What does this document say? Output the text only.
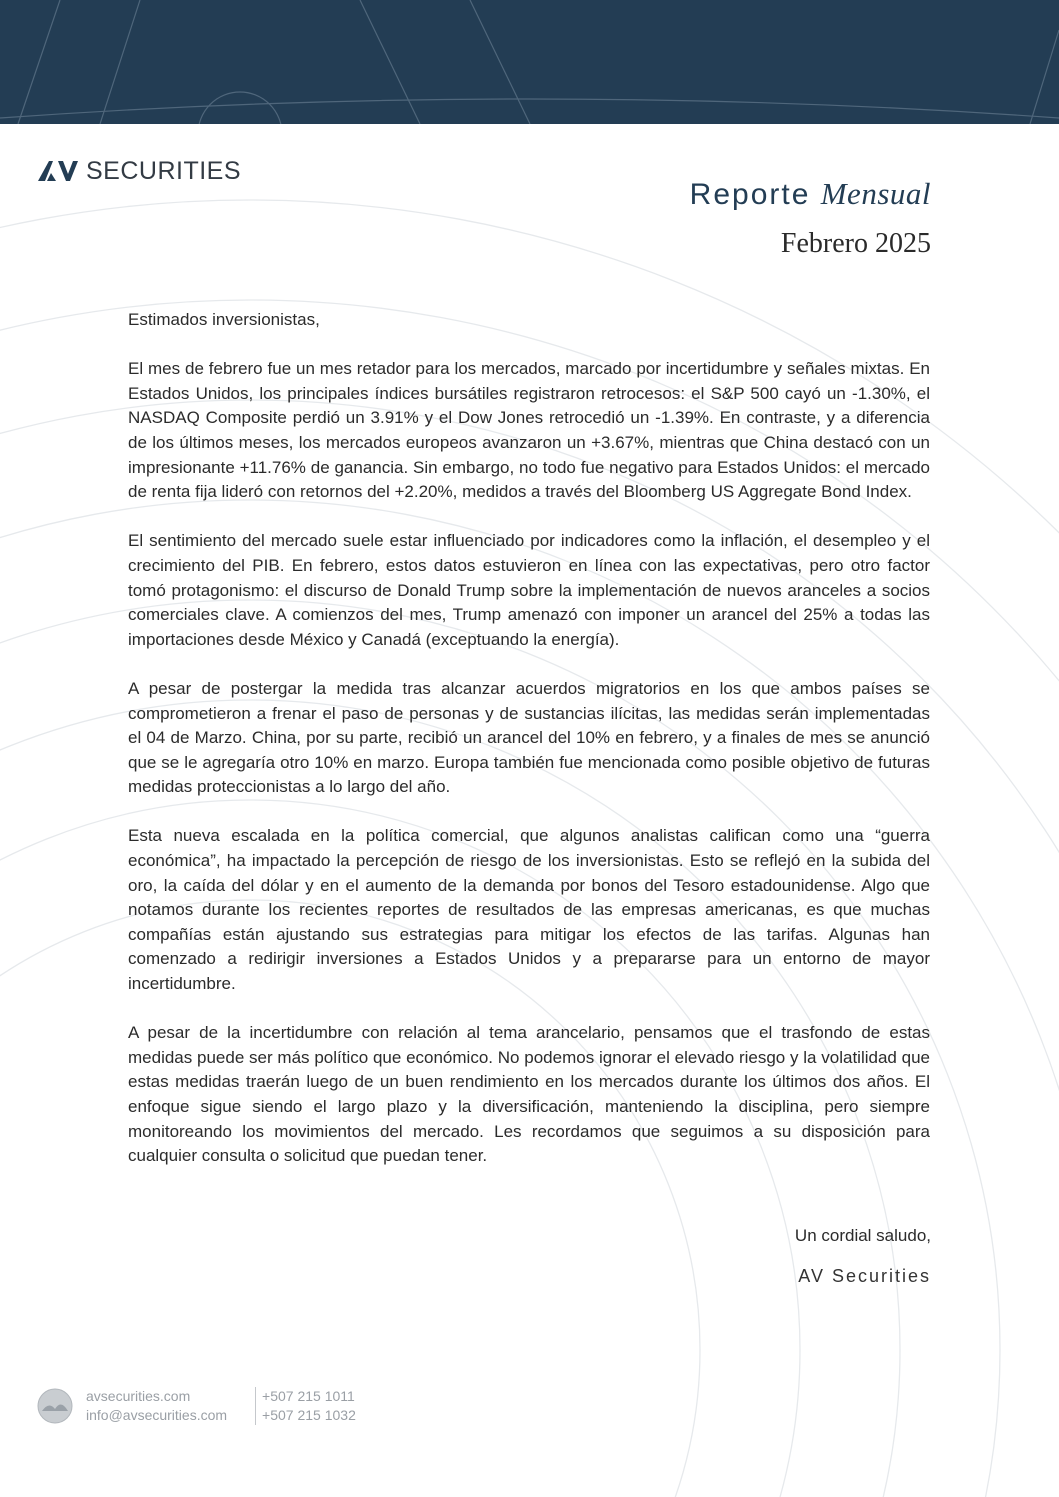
SECURITIES
Reporte Mensual
Febrero 2025

Estimados inversionistas,

El mes de febrero fue un mes retador para los mercados, marcado por incertidumbre y señales mixtas. En Estados Unidos, los principales índices bursátiles registraron retrocesos: el S&P 500 cayó un -1.30%, el NASDAQ Composite perdió un 3.91% y el Dow Jones retrocedió un -1.39%. En contraste, y a diferencia de los últimos meses, los mercados europeos avanzaron un +3.67%, mientras que China destacó con un impresionante +11.76% de ganancia. Sin embargo, no todo fue negativo para Estados Unidos: el mercado de renta fija lideró con retornos del +2.20%, medidos a través del Bloomberg US Aggregate Bond Index.

El sentimiento del mercado suele estar influenciado por indicadores como la inflación, el desempleo y el crecimiento del PIB. En febrero, estos datos estuvieron en línea con las expectativas, pero otro factor tomó protagonismo: el discurso de Donald Trump sobre la implementación de nuevos aranceles a socios comerciales clave. A comienzos del mes, Trump amenazó con imponer un arancel del 25% a todas las importaciones desde México y Canadá (exceptuando la energía).

A pesar de postergar la medida tras alcanzar acuerdos migratorios en los que ambos países se comprometieron a frenar el paso de personas y de sustancias ilícitas, las medidas serán implementadas el 04 de Marzo. China, por su parte, recibió un arancel del 10% en febrero, y a finales de mes se anunció que se le agregaría otro 10% en marzo. Europa también fue mencionada como posible objetivo de futuras medidas proteccionistas a lo largo del año.

Esta nueva escalada en la política comercial, que algunos analistas califican como una “guerra económica”, ha impactado la percepción de riesgo de los inversionistas. Esto se reflejó en la subida del oro, la caída del dólar y en el aumento de la demanda por bonos del Tesoro estadounidense. Algo que notamos durante los recientes reportes de resultados de las empresas americanas, es que muchas compañías están ajustando sus estrategias para mitigar los efectos de las tarifas. Algunas han comenzado a redirigir inversiones a Estados Unidos y a prepararse para un entorno de mayor incertidumbre.

A pesar de la incertidumbre con relación al tema arancelario, pensamos que el trasfondo de estas medidas puede ser más político que económico. No podemos ignorar el elevado riesgo y la volatilidad que estas medidas traerán luego de un buen rendimiento en los mercados durante los últimos dos años. El enfoque sigue siendo el largo plazo y la diversificación, manteniendo la disciplina, pero siempre monitoreando los movimientos del mercado. Les recordamos que seguimos a su disposición para cualquier consulta o solicitud que puedan tener.

Un cordial saludo,
AV Securities
avsecurities.com
info@avsecurities.com
+507 215 1011
+507 215 1032
